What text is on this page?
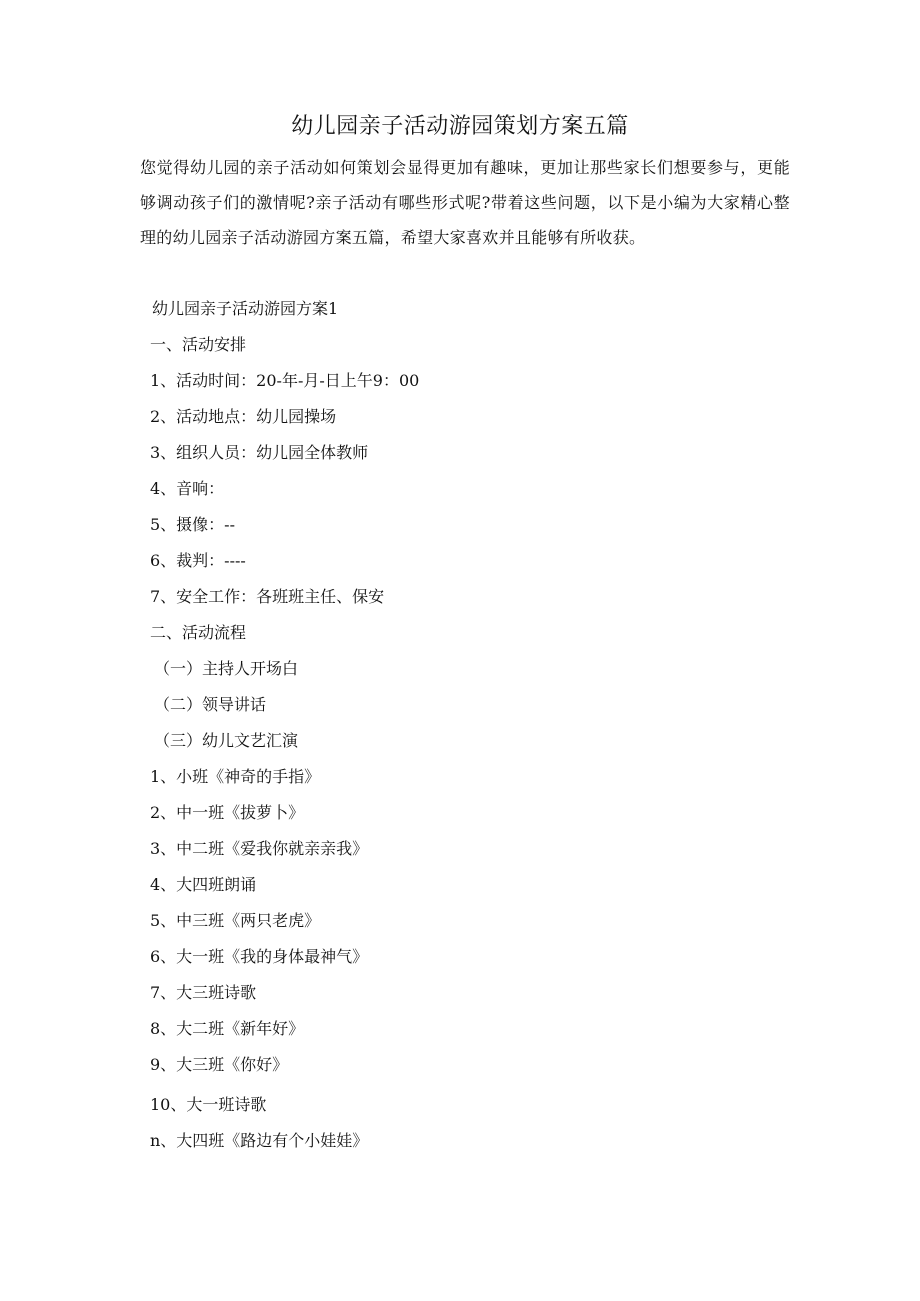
幼儿园亲子活动游园策划方案五篇
您觉得幼儿园的亲子活动如何策划会显得更加有趣味，更加让那些家长们想要参与，更能够调动孩子们的激情呢?亲子活动有哪些形式呢?带着这些问题，以下是小编为大家精心整理的幼儿园亲子活动游园方案五篇，希望大家喜欢并且能够有所收获。
幼儿园亲子活动游园方案1
一、活动安排
1、活动时间：20-年-月-日上午9：00
2、活动地点：幼儿园操场
3、组织人员：幼儿园全体教师
4、音响：
5、摄像：--
6、裁判：----
7、安全工作：各班班主任、保安
二、活动流程
（一）主持人开场白
（二）领导讲话
（三）幼儿文艺汇演
1、小班《神奇的手指》
2、中一班《拔萝卜》
3、中二班《爱我你就亲亲我》
4、大四班朗诵
5、中三班《两只老虎》
6、大一班《我的身体最神气》
7、大三班诗歌
8、大二班《新年好》
9、大三班《你好》
10、大一班诗歌
n、大四班《路边有个小娃娃》
